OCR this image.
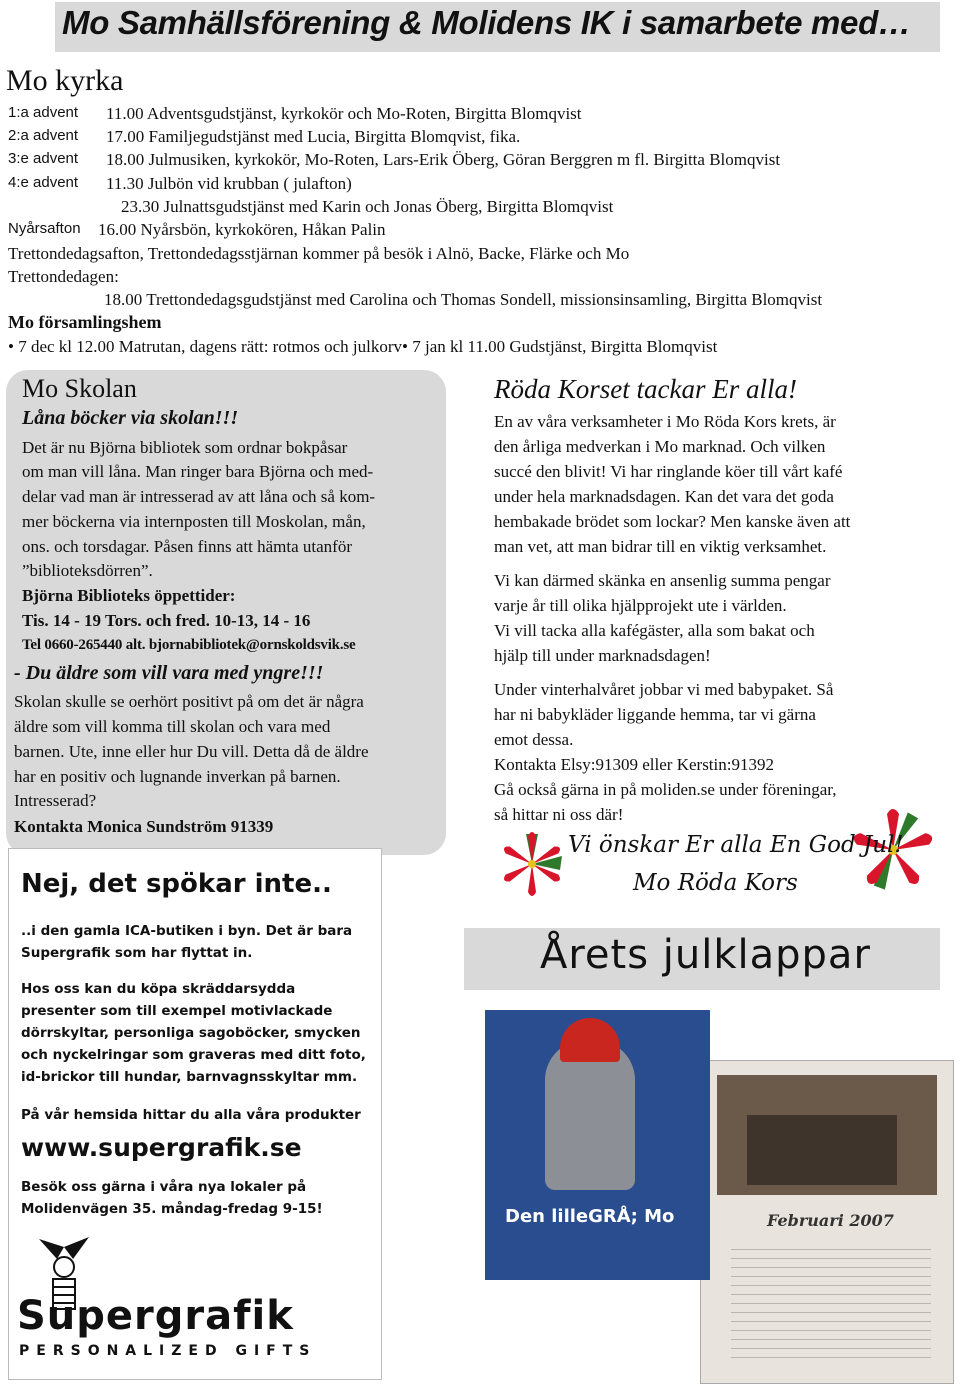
Mo Samhällsförening & Molidens IK i samarbete med…
Mo kyrka
1:a advent 11.00 Adventsgudstjänst, kyrkokör och Mo-Roten, Birgitta Blomqvist
2:a advent 17.00 Familjegudstjänst med Lucia, Birgitta Blomqvist, fika.
3:e advent 18.00 Julmusiken, kyrkokör, Mo-Roten, Lars-Erik Öberg, Göran Berggren m fl. Birgitta Blomqvist
4:e advent 11.30 Julbön vid krubban ( julafton)
23.30 Julnattsgudstjänst med Karin och Jonas Öberg, Birgitta Blomqvist
Nyårsafton 16.00 Nyårsbön, kyrkokören, Håkan Palin
Trettondedagsafton, Trettondedagsstjärnan kommer på besök i Alnö, Backe, Flärke och Mo
Trettondedagen:
18.00 Trettondedagsgudstjänst med Carolina och Thomas Sondell, missionsinsamling, Birgitta Blomqvist
Mo församlingshem
• 7 dec kl 12.00 Matrutan, dagens rätt: rotmos och julkorv• 7 jan kl 11.00 Gudstjänst, Birgitta Blomqvist
Mo Skolan
Låna böcker via skolan!!!
Det är nu Björna bibliotek som ordnar bokpåsar
om man vill låna. Man ringer bara Björna och med-
delar vad man är intresserad av att låna och så kom-
mer böckerna via internposten till Moskolan, mån,
ons. och torsdagar. Påsen finns att hämta utanför
”biblioteksdörren”.
Björna Biblioteks öppettider:
Tis. 14 - 19 Tors. och fred. 10-13, 14 - 16
Tel 0660-265440 alt. bjornabibliotek@ornskoldsvik.se
- Du äldre som vill vara med yngre!!!
Skolan skulle se oerhört positivt på om det är några
äldre som vill komma till skolan och vara med
barnen. Ute, inne eller hur Du vill. Detta då de äldre
har en positiv och lugnande inverkan på barnen.
Intresserad?
Kontakta Monica Sundström 91339
Röda Korset tackar Er alla!
En av våra verksamheter i Mo Röda Kors krets, är
den årliga medverkan i Mo marknad. Och vilken
succé den blivit! Vi har ringlande köer till vårt kafé
under hela marknadsdagen. Kan det vara det goda
hembakade brödet som lockar? Men kanske även att
man vet, att man bidrar till en viktig verksamhet.
Vi kan därmed skänka en ansenlig summa pengar
varje år till olika hjälpprojekt ute i världen.
Vi vill tacka alla kafégäster, alla som bakat och
hjälp till under marknadsdagen!
Under vinterhalvåret jobbar vi med babypaket. Så
har ni babykläder liggande hemma, tar vi gärna
emot dessa.
Kontakta Elsy:91309 eller Kerstin:91392
Gå också gärna in på moliden.se under föreningar,
så hittar ni oss där!
Vi önskar Er alla En God Jul!
Mo Röda Kors
Årets julklappar
Februari 2007
Den lilleGRÅ; Mo
Nej, det spökar inte..
..i den gamla ICA-butiken i byn. Det är bara
Supergrafik som har flyttat in.
Hos oss kan du köpa skräddarsydda
presenter som till exempel motivlackade
dörrskyltar, personliga sagoböcker, smycken
och nyckelringar som graveras med ditt foto,
id-brickor till hundar, barnvagnsskyltar mm.
På vår hemsida hittar du alla våra produkter
www.supergrafik.se
Besök oss gärna i våra nya lokaler på
Molidenvägen 35. måndag-fredag 9-15!
Supergrafik
PERSONALIZED GIFTS
